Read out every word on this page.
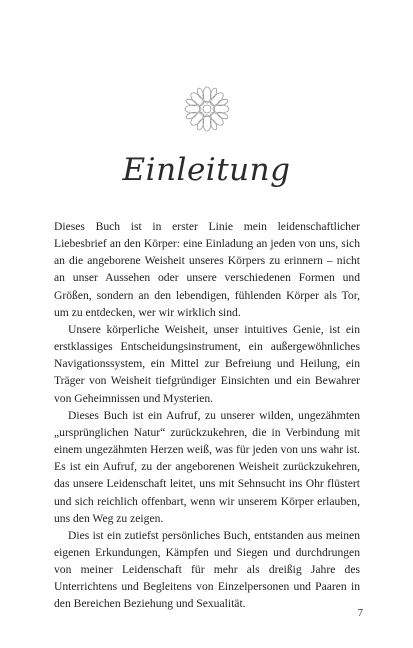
Einleitung

Dieses Buch ist in erster Linie mein leidenschaftlicher Liebesbrief an den Körper: eine Einladung an jeden von uns, sich an die angeborene Weisheit unseres Körpers zu erinnern – nicht an unser Aussehen oder unsere verschiedenen Formen und Größen, sondern an den lebendigen, fühlenden Körper als Tor, um zu entdecken, wer wir wirklich sind.

Unsere körperliche Weisheit, unser intuitives Genie, ist ein erstklassiges Entscheidungsinstrument, ein außergewöhnliches Navigationssystem, ein Mittel zur Befreiung und Heilung, ein Träger von Weisheit tiefgründiger Einsichten und ein Bewahrer von Geheimnissen und Mysterien.

Dieses Buch ist ein Aufruf, zu unserer wilden, ungezähmten „ursprünglichen Natur“ zurückzukehren, die in Verbindung mit einem ungezähmten Herzen weiß, was für jeden von uns wahr ist. Es ist ein Aufruf, zu der angeborenen Weisheit zurückzukehren, das unsere Leidenschaft leitet, uns mit Sehnsucht ins Ohr flüstert und sich reichlich offenbart, wenn wir unserem Körper erlauben, uns den Weg zu zeigen.

Dies ist ein zutiefst persönliches Buch, entstanden aus meinen eigenen Erkundungen, Kämpfen und Siegen und durchdrungen von meiner Leidenschaft für mehr als dreißig Jahre des Unterrichtens und Begleitens von Einzelpersonen und Paaren in den Bereichen Beziehung und Sexualität.

7
